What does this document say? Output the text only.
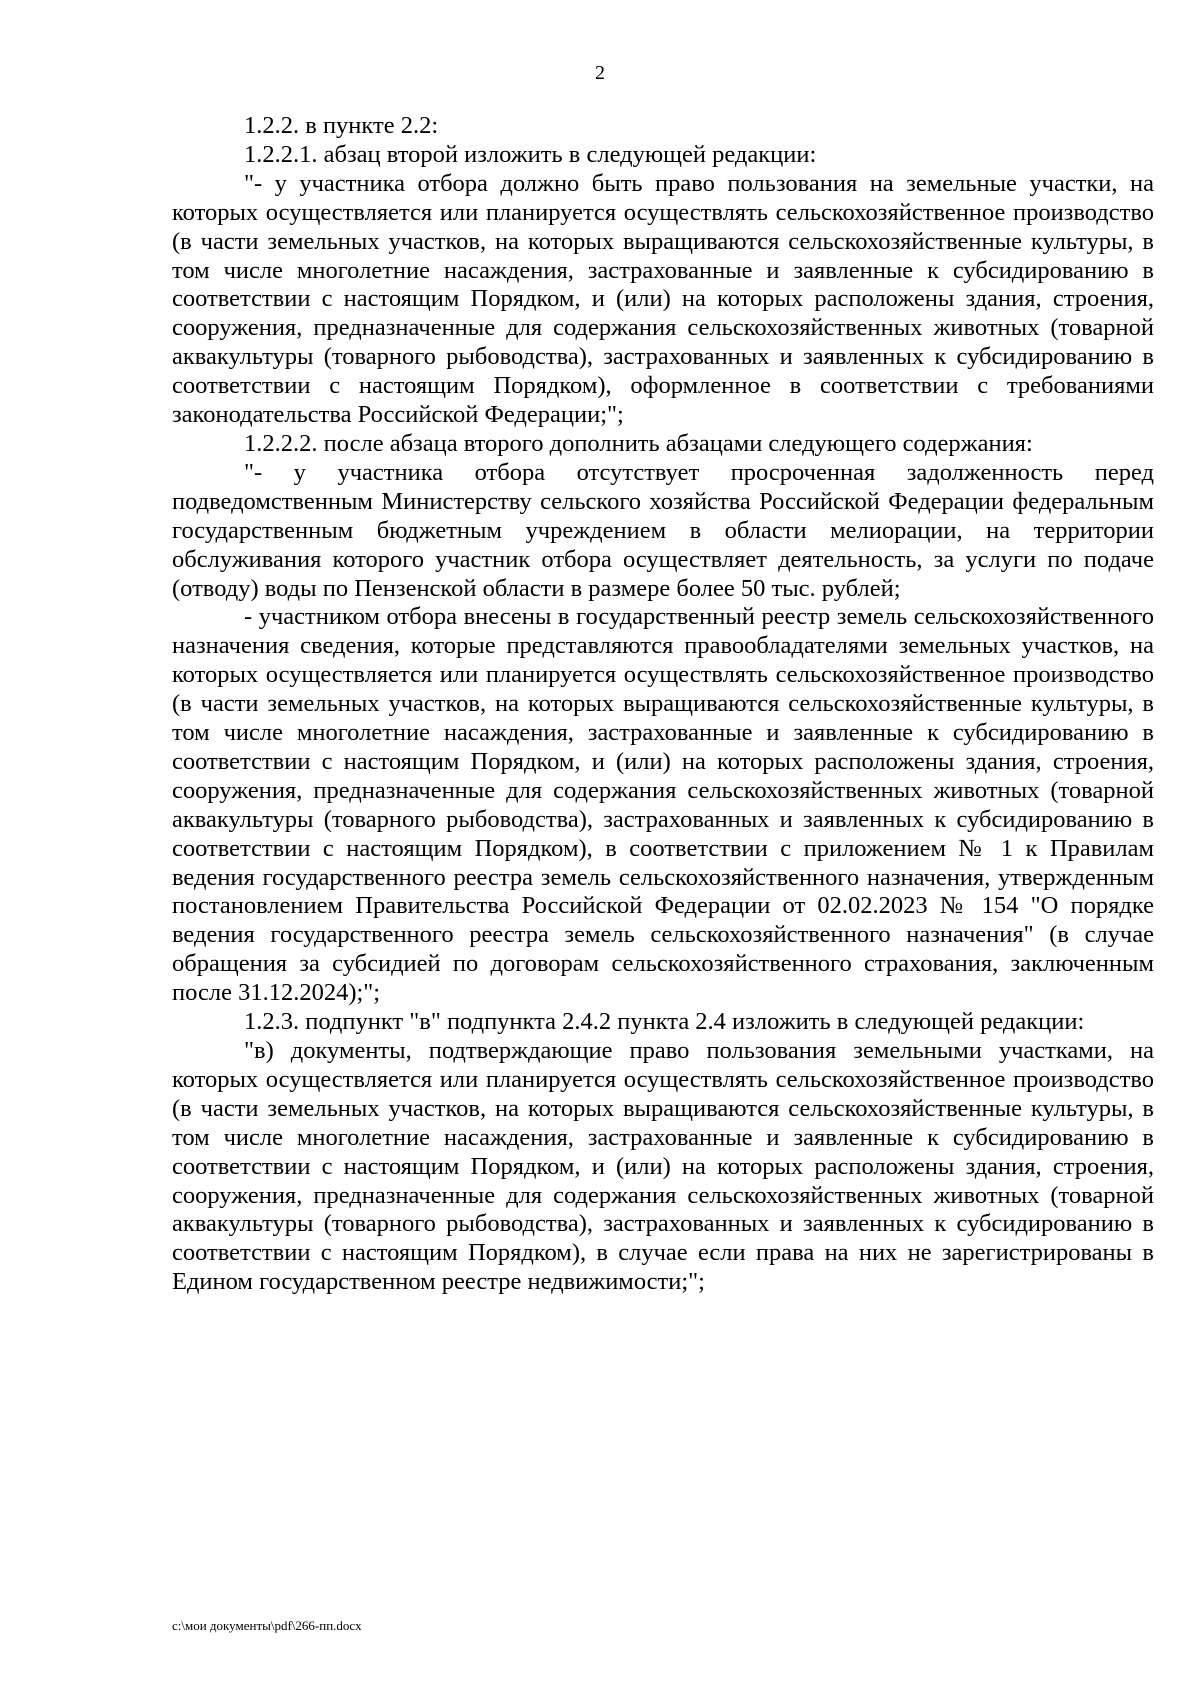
2

1.2.2. в пункте 2.2:

1.2.2.1. абзац второй изложить в следующей редакции:

"- у участника отбора должно быть право пользования на земельные участки, на которых осуществляется или планируется осуществлять сельскохозяйственное производство (в части земельных участков, на которых выращиваются сельскохозяйственные культуры, в том числе многолетние насаждения, застрахованные и заявленные к субсидированию в соответствии с настоящим Порядком, и (или) на которых расположены здания, строения, сооружения, предназначенные для содержания сельскохозяйственных животных (товарной аквакультуры (товарного рыбоводства), застрахованных и заявленных к субсидированию в соответствии с настоящим Порядком), оформленное в соответствии с требованиями законодательства Российской Федерации;";

1.2.2.2. после абзаца второго дополнить абзацами следующего содержания:

"- у участника отбора отсутствует просроченная задолженность перед подведомственным Министерству сельского хозяйства Российской Федерации федеральным государственным бюджетным учреждением в области мелиорации, на территории обслуживания которого участник отбора осуществляет деятельность, за услуги по подаче (отводу) воды по Пензенской области в размере более 50 тыс. рублей;

- участником отбора внесены в государственный реестр земель сельскохозяйственного назначения сведения, которые представляются правообладателями земельных участков, на которых осуществляется или планируется осуществлять сельскохозяйственное производство (в части земельных участков, на которых выращиваются сельскохозяйственные культуры, в том числе многолетние насаждения, застрахованные и заявленные к субсидированию в соответствии с настоящим Порядком, и (или) на которых расположены здания, строения, сооружения, предназначенные для содержания сельскохозяйственных животных (товарной аквакультуры (товарного рыбоводства), застрахованных и заявленных к субсидированию в соответствии с настоящим Порядком), в соответствии с приложением № 1 к Правилам ведения государственного реестра земель сельскохозяйственного назначения, утвержденным постановлением Правительства Российской Федерации от 02.02.2023 № 154 "О порядке ведения государственного реестра земель сельскохозяйственного назначения" (в случае обращения за субсидией по договорам сельскохозяйственного страхования, заключенным после 31.12.2024);";

1.2.3. подпункт "в" подпункта 2.4.2 пункта 2.4 изложить в следующей редакции:

"в) документы, подтверждающие право пользования земельными участками, на которых осуществляется или планируется осуществлять сельскохозяйственное производство (в части земельных участков, на которых выращиваются сельскохозяйственные культуры, в том числе многолетние насаждения, застрахованные и заявленные к субсидированию в соответствии с настоящим Порядком, и (или) на которых расположены здания, строения, сооружения, предназначенные для содержания сельскохозяйственных животных (товарной аквакультуры (товарного рыбоводства), застрахованных и заявленных к субсидированию в соответствии с настоящим Порядком), в случае если права на них не зарегистрированы в Едином государственном реестре недвижимости;";

c:\мои документы\pdf\266-пп.docx
